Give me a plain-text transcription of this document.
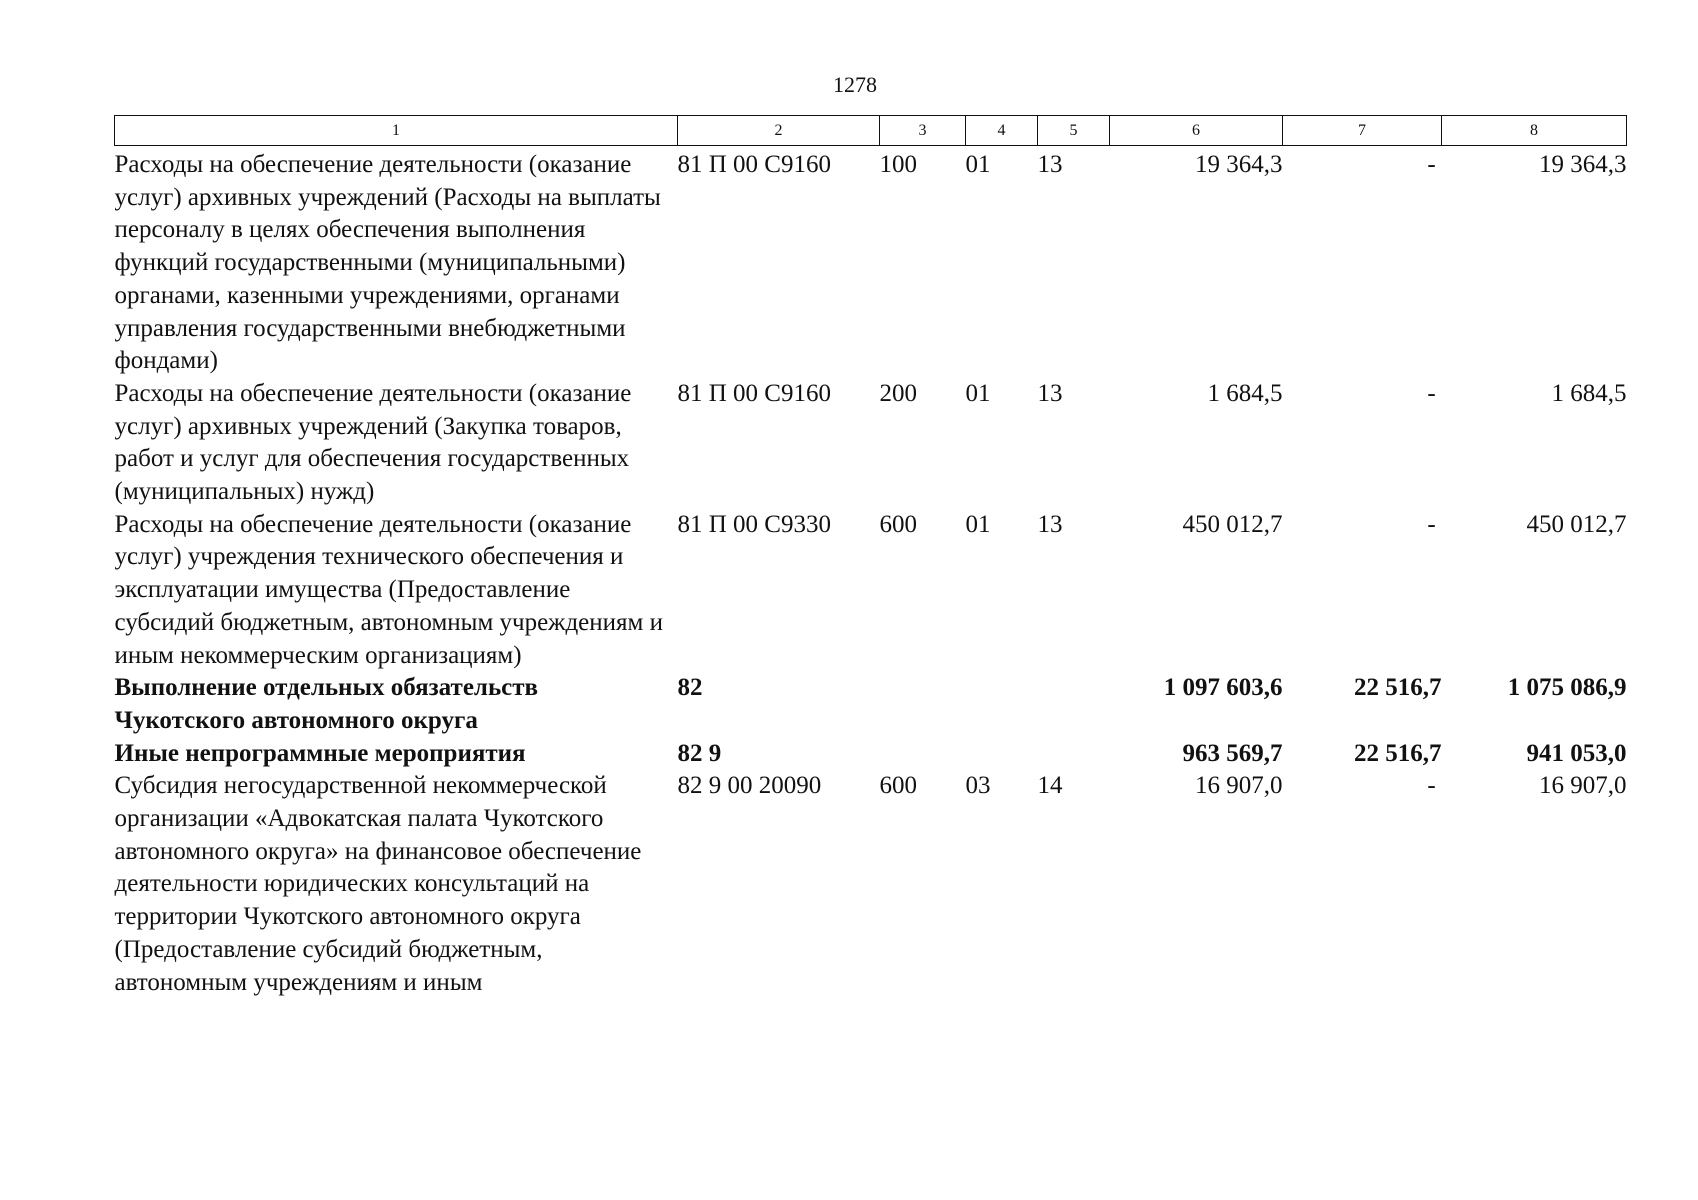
1278
1	2	3	4	5	6	7	8
Расходы на обеспечение деятельности (оказание услуг) архивных учреждений (Расходы на выплаты персоналу в целях обеспечения выполнения функций государственными (муниципальными) органами, казенными учреждениями, органами управления государственными внебюджетными фондами)	81 П 00 С9160	100	01	13	19 364,3	-	19 364,3
Расходы на обеспечение деятельности (оказание услуг) архивных учреждений (Закупка товаров, работ и услуг для обеспечения государственных (муниципальных) нужд)	81 П 00 С9160	200	01	13	1 684,5	-	1 684,5
Расходы на обеспечение деятельности (оказание услуг) учреждения технического обеспечения и эксплуатации имущества (Предоставление субсидий бюджетным, автономным учреждениям и иным некоммерческим организациям)	81 П 00 С9330	600	01	13	450 012,7	-	450 012,7
Выполнение отдельных обязательств Чукотского автономного округа	82				1 097 603,6	22 516,7	1 075 086,9
Иные непрограммные мероприятия	82 9				963 569,7	22 516,7	941 053,0
Субсидия негосударственной некоммерческой организации «Адвокатская палата Чукотского автономного округа» на финансовое обеспечение деятельности юридических консультаций на территории Чукотского автономного округа (Предоставление субсидий бюджетным, автономным учреждениям и иным	82 9 00 20090	600	03	14	16 907,0	-	16 907,0
